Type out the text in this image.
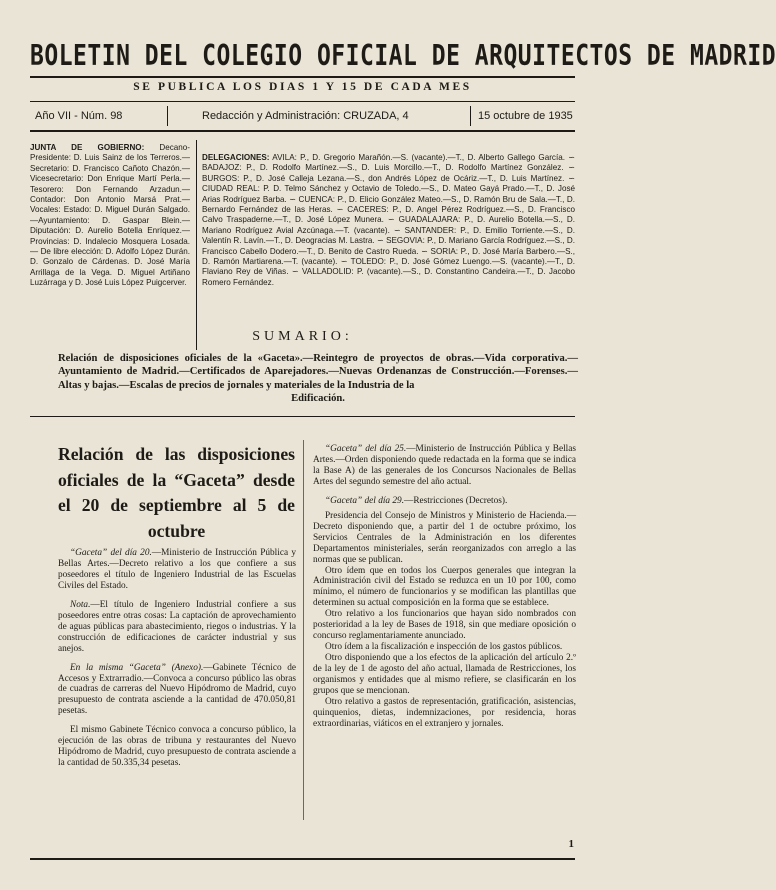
BOLETIN DEL COLEGIO OFICIAL DE ARQUITECTOS DE MADRID
SE PUBLICA LOS DIAS 1 Y 15 DE CADA MES
Año VII - Núm. 98	Redacción y Administración: CRUZADA, 4	15 octubre de 1935
JUNTA DE GOBIERNO: Decano-Presidente: D. Luis Sainz de los Terreros.—Secretario: D. Francisco Cañoto Chazón.—Vicesecretario: Don Enrique Martí Perla.—Tesorero: Don Fernando Arzadun.—Contador: Don Antonio Marsá Prat.—Vocales: Estado: D. Miguel Durán Salgado.—Ayuntamiento: D. Gaspar Blein.—Diputación: D. Aurelio Botella Enríquez.—Provincias: D. Indalecio Mosquera Losada. — De libre elección: D. Adolfo López Durán. D. Gonzalo de Cárdenas. D. José María Arrillaga de la Vega. D. Miguel Artiñano Luzárraga y D. José Luis López Puigcerver.
DELEGACIONES: AVILA: P., D. Gregorio Marañón.—S. (vacante).—T., D. Alberto Gallego García. ∽ BADAJOZ: P., D. Rodolfo Martínez.—S., D. Luis Morcillo.—T., D. Rodolfo Martínez González. ∽ BURGOS: P., D. José Calleja Lezana.—S., don Andrés López de Ocáriz.—T., D. Luis Martínez. ∽ CIUDAD REAL: P. D. Telmo Sánchez y Octavio de Toledo.—S., D. Mateo Gayá Prado.—T., D. José Arias Rodríguez Barba. ∽ CUENCA: P., D. Elicio González Mateo.—S., D. Ramón Bru de Sala.—T., D. Bernardo Fernández de las Heras. ∽ CACERES: P., D. Angel Pérez Rodríguez.—S., D. Francisco Calvo Traspaderne.—T., D. José López Munera. ∽ GUADALAJARA: P., D. Aurelio Botella.—S., D. Mariano Rodríguez Avial Azcúnaga.—T. (vacante). ∽ SANTANDER: P., D. Emilio Torriente.—S., D. Valentín R. Lavín.—T., D. Deogracias M. Lastra. ∽ SEGOVIA: P., D. Mariano García Rodríguez.—S., D. Francisco Cabello Dodero.—T., D. Benito de Castro Rueda. ∽ SORIA: P., D. José María Barbero.—S., D. Ramón Martiarena.—T. (vacante). ∽ TOLEDO: P., D. José Gómez Luengo.—S. (vacante).—T., D. Flaviano Rey de Viñas. ∽ VALLADOLID: P. (vacante).—S., D. Constantino Candeira.—T., D. Jacobo Romero Fernández.
SUMARIO:
Relación de disposiciones oficiales de la «Gaceta».—Reintegro de proyectos de obras.—Vida corporativa.—Ayuntamiento de Madrid.—Certificados de Aparejadores.—Nuevas Ordenanzas de Construcción.—Forenses.—Altas y bajas.—Escalas de precios de jornales y materiales de la Industria de la
Edificación.
Relación de las disposiciones oficiales de la “Gaceta” desde el 20 de septiembre al 5 de octubre

“Gaceta” del día 20.—Ministerio de Instrucción Pública y Bellas Artes.—Decreto relativo a los que confiere a sus poseedores el título de Ingeniero Industrial de las Escuelas Civiles del Estado.

Nota.—El título de Ingeniero Industrial confiere a sus poseedores entre otras cosas: La captación de aprovechamiento de aguas públicas para abastecimiento, riegos o industrias. Y la construcción de edificaciones de carácter industrial y sus anejos.

En la misma “Gaceta” (Anexo).—Gabinete Técnico de Accesos y Extrarradio.—Convoca a concurso público las obras de cuadras de carreras del Nuevo Hipódromo de Madrid, cuyo presupuesto de contrata asciende a la cantidad de 470.050,81 pesetas.

El mismo Gabinete Técnico convoca a concurso público, la ejecución de las obras de tribuna y restaurantes del Nuevo Hipódromo de Madrid, cuyo presupuesto de contrata asciende a la cantidad de 50.335,34 pesetas.

“Gaceta” del día 25.—Ministerio de Instrucción Pública y Bellas Artes.—Orden disponiendo quede redactada en la forma que se indica la Base A) de las generales de los Concursos Nacionales de Bellas Artes del segundo semestre del año actual.

“Gaceta” del día 29.—Restricciones (Decretos).

Presidencia del Consejo de Ministros y Ministerio de Hacienda.—Decreto disponiendo que, a partir del 1 de octubre próximo, los Servicios Centrales de la Administración en los diferentes Departamentos ministeriales, serán reorganizados con arreglo a las normas que se publican.

Otro ídem que en todos los Cuerpos generales que integran la Administración civil del Estado se reduzca en un 10 por 100, como mínimo, el número de funcionarios y se modifican las plantillas que determinen su actual composición en la forma que se establece.

Otro relativo a los funcionarios que hayan sido nombrados con posterioridad a la ley de Bases de 1918, sin que mediare oposición o concurso reglamentariamente anunciado.

Otro ídem a la fiscalización e inspección de los gastos públicos.

Otro disponiendo que a los efectos de la aplicación del artículo 2.º de la ley de 1 de agosto del año actual, llamada de Restricciones, los organismos y entidades que al mismo refiere, se clasificarán en los grupos que se mencionan.

Otro relativo a gastos de representación, gratificación, asistencias, quinquenios, dietas, indemnizaciones, por residencia, horas extraordinarias, viáticos en el extranjero y jornales.

1
